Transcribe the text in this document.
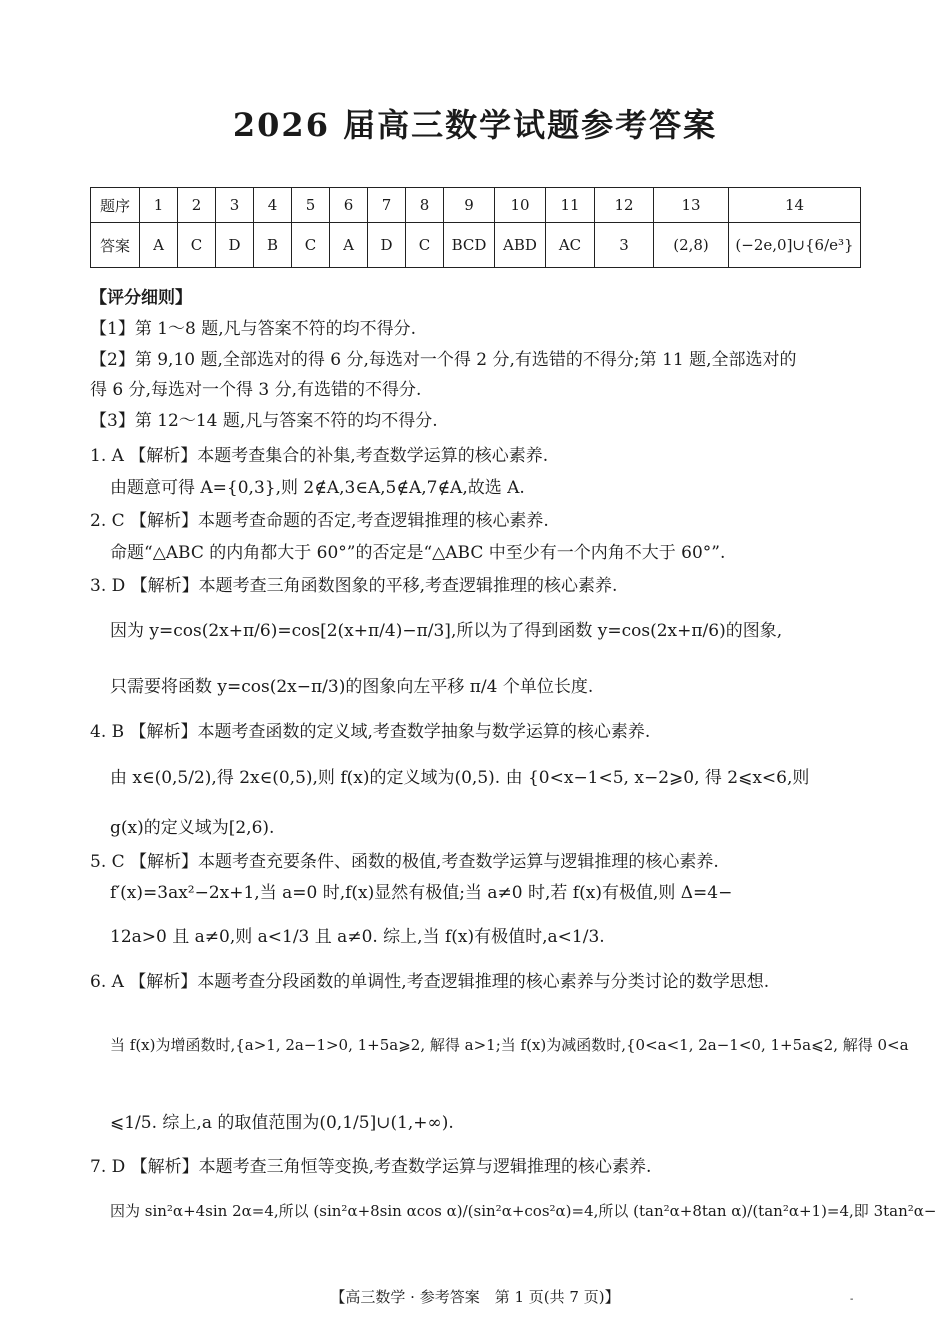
2026 届高三数学试题参考答案
题序	1	2	3	4	5	6	7	8	9	10	11	12	13	14
答案	A	C	D	B	C	A	D	C	BCD	ABD	AC	3	(2,8)	(−2e,0]∪{6/e³}
【评分细则】
【1】第 1～8 题,凡与答案不符的均不得分.
【2】第 9,10 题,全部选对的得 6 分,每选对一个得 2 分,有选错的不得分;第 11 题,全部选对的
得 6 分,每选对一个得 3 分,有选错的不得分.
【3】第 12～14 题,凡与答案不符的均不得分.
1. A 【解析】本题考查集合的补集,考查数学运算的核心素养.
由题意可得 A={0,3},则 2∉A,3∈A,5∉A,7∉A,故选 A.
2. C 【解析】本题考查命题的否定,考查逻辑推理的核心素养.
命题“△ABC 的内角都大于 60°”的否定是“△ABC 中至少有一个内角不大于 60°”.
3. D 【解析】本题考查三角函数图象的平移,考查逻辑推理的核心素养.
因为 y=cos(2x+π/6)=cos[2(x+π/4)−π/3],所以为了得到函数 y=cos(2x+π/6)的图象,
只需要将函数 y=cos(2x−π/3)的图象向左平移 π/4 个单位长度.
4. B 【解析】本题考查函数的定义域,考查数学抽象与数学运算的核心素养.
由 x∈(0,5/2),得 2x∈(0,5),则 f(x)的定义域为(0,5). 由 {0<x−1<5, x−2⩾0, 得 2⩽x<6,则
g(x)的定义域为[2,6).
5. C 【解析】本题考查充要条件、函数的极值,考查数学运算与逻辑推理的核心素养.
f′(x)=3ax²−2x+1,当 a=0 时,f(x)显然有极值;当 a≠0 时,若 f(x)有极值,则 Δ=4−
12a>0 且 a≠0,则 a<1/3 且 a≠0. 综上,当 f(x)有极值时,a<1/3.
6. A 【解析】本题考查分段函数的单调性,考查逻辑推理的核心素养与分类讨论的数学思想.
当 f(x)为增函数时,{a>1, 2a−1>0, 1+5a⩾2, 解得 a>1;当 f(x)为减函数时,{0<a<1, 2a−1<0, 1+5a⩽2, 解得 0<a
⩽1/5. 综上,a 的取值范围为(0,1/5]∪(1,+∞).
7. D 【解析】本题考查三角恒等变换,考查数学运算与逻辑推理的核心素养.
因为 sin²α+4sin 2α=4,所以 (sin²α+8sin αcos α)/(sin²α+cos²α)=4,所以 (tan²α+8tan α)/(tan²α+1)=4,即 3tan²α−
【高三数学 · 参考答案　第 1 页(共 7 页)】	-
